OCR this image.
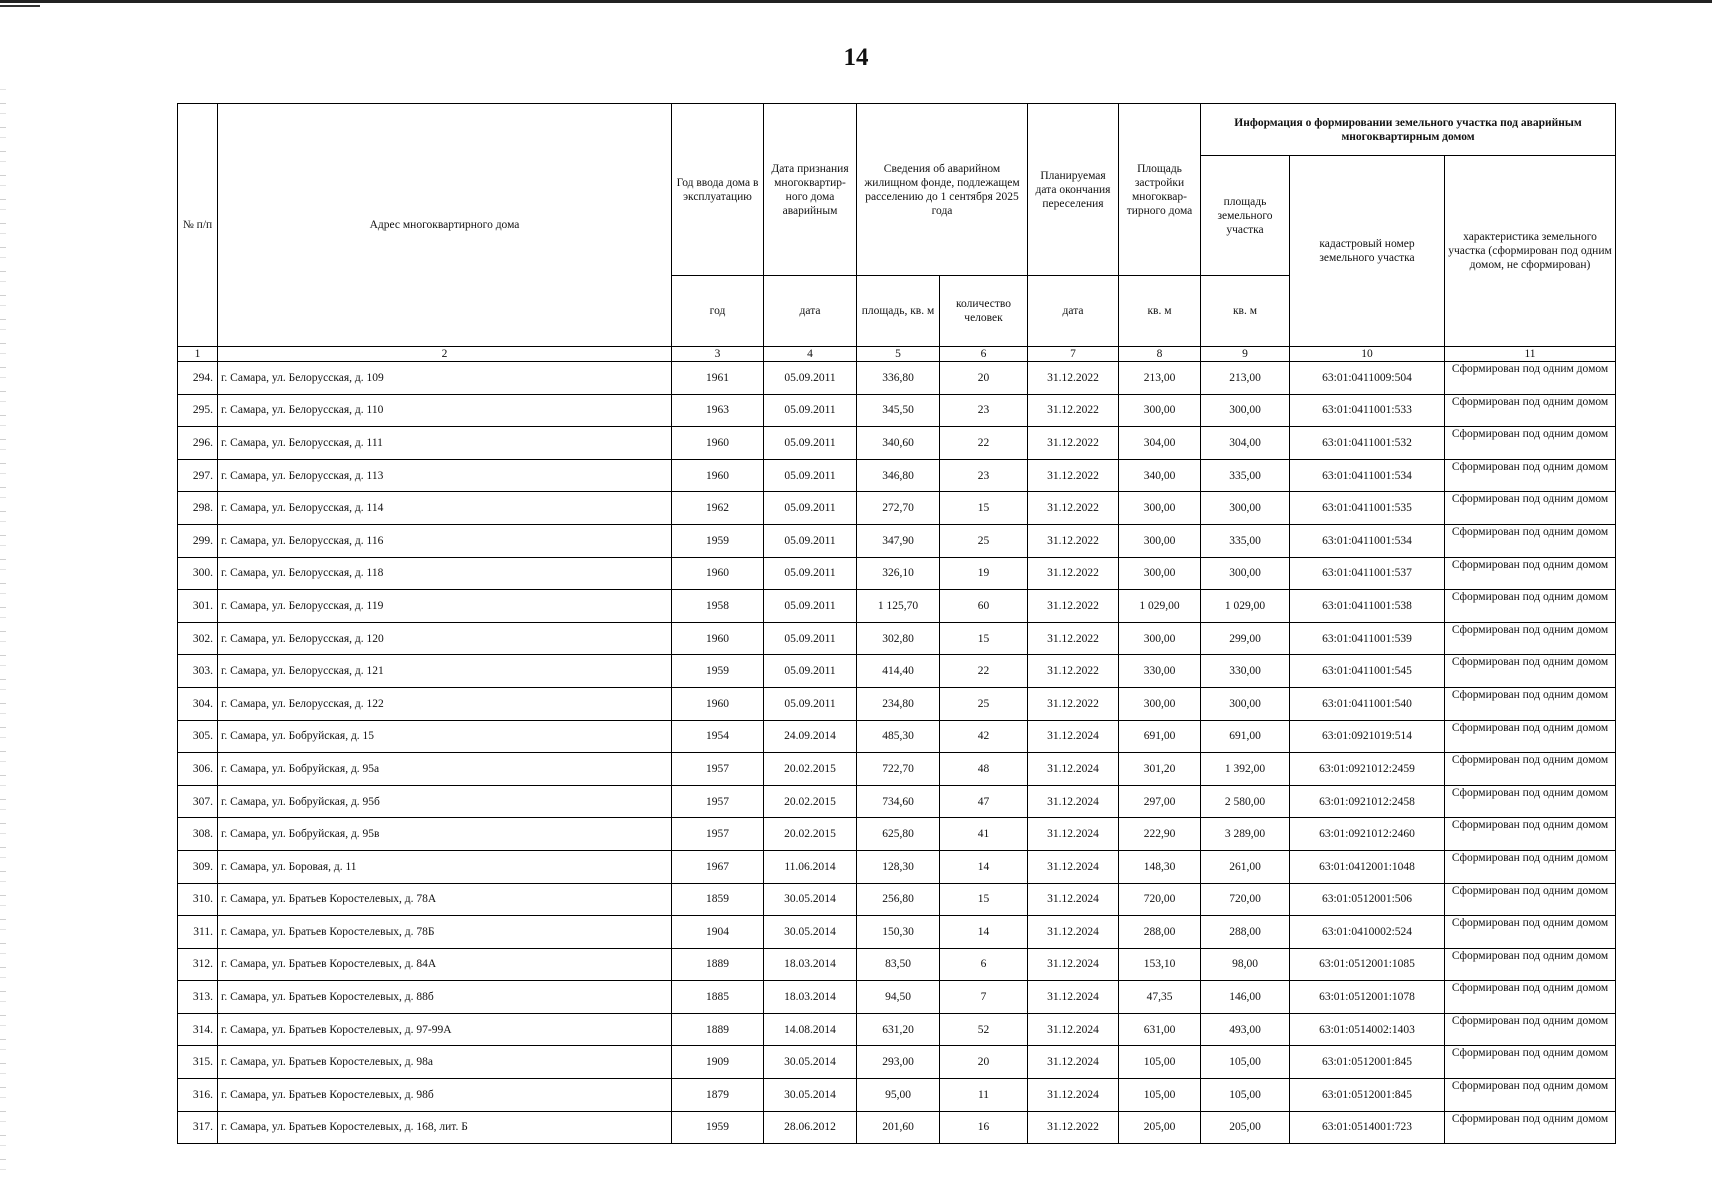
14
№ п/п	Адрес многоквартирного дома	Год ввода дома в эксплуатацию	Дата признания многоквартир-ного дома аварийным	Сведения об аварийном жилищном фонде, подлежащем расселению до 1 сентября 2025 года		Планируемая дата окончания переселения	Площадь застройки многоквар-тирного дома	Информация о формировании земельного участка под аварийным многоквартирным домом		
								площадь земельного участка	кадастровый номер земельного участка	характеристика земельного участка (сформирован под одним домом, не сформирован)
		год	дата	площадь, кв. м	количество человек	дата	кв. м	кв. м		
1	2	3	4	5	6	7	8	9	10	11
294.	г. Самара, ул. Белорусская, д. 109	1961	05.09.2011	336,80	20	31.12.2022	213,00	213,00	63:01:0411009:504	Сформирован под одним домом
295.	г. Самара, ул. Белорусская, д. 110	1963	05.09.2011	345,50	23	31.12.2022	300,00	300,00	63:01:0411001:533	Сформирован под одним домом
296.	г. Самара, ул. Белорусская, д. 111	1960	05.09.2011	340,60	22	31.12.2022	304,00	304,00	63:01:0411001:532	Сформирован под одним домом
297.	г. Самара, ул. Белорусская, д. 113	1960	05.09.2011	346,80	23	31.12.2022	340,00	335,00	63:01:0411001:534	Сформирован под одним домом
298.	г. Самара, ул. Белорусская, д. 114	1962	05.09.2011	272,70	15	31.12.2022	300,00	300,00	63:01:0411001:535	Сформирован под одним домом
299.	г. Самара, ул. Белорусская, д. 116	1959	05.09.2011	347,90	25	31.12.2022	300,00	335,00	63:01:0411001:534	Сформирован под одним домом
300.	г. Самара, ул. Белорусская, д. 118	1960	05.09.2011	326,10	19	31.12.2022	300,00	300,00	63:01:0411001:537	Сформирован под одним домом
301.	г. Самара, ул. Белорусская, д. 119	1958	05.09.2011	1 125,70	60	31.12.2022	1 029,00	1 029,00	63:01:0411001:538	Сформирован под одним домом
302.	г. Самара, ул. Белорусская, д. 120	1960	05.09.2011	302,80	15	31.12.2022	300,00	299,00	63:01:0411001:539	Сформирован под одним домом
303.	г. Самара, ул. Белорусская, д. 121	1959	05.09.2011	414,40	22	31.12.2022	330,00	330,00	63:01:0411001:545	Сформирован под одним домом
304.	г. Самара, ул. Белорусская, д. 122	1960	05.09.2011	234,80	25	31.12.2022	300,00	300,00	63:01:0411001:540	Сформирован под одним домом
305.	г. Самара, ул. Бобруйская, д. 15	1954	24.09.2014	485,30	42	31.12.2024	691,00	691,00	63:01:0921019:514	Сформирован под одним домом
306.	г. Самара, ул. Бобруйская, д. 95а	1957	20.02.2015	722,70	48	31.12.2024	301,20	1 392,00	63:01:0921012:2459	Сформирован под одним домом
307.	г. Самара, ул. Бобруйская, д. 95б	1957	20.02.2015	734,60	47	31.12.2024	297,00	2 580,00	63:01:0921012:2458	Сформирован под одним домом
308.	г. Самара, ул. Бобруйская, д. 95в	1957	20.02.2015	625,80	41	31.12.2024	222,90	3 289,00	63:01:0921012:2460	Сформирован под одним домом
309.	г. Самара, ул. Боровая, д. 11	1967	11.06.2014	128,30	14	31.12.2024	148,30	261,00	63:01:0412001:1048	Сформирован под одним домом
310.	г. Самара, ул. Братьев Коростелевых, д. 78А	1859	30.05.2014	256,80	15	31.12.2024	720,00	720,00	63:01:0512001:506	Сформирован под одним домом
311.	г. Самара, ул. Братьев Коростелевых, д. 78Б	1904	30.05.2014	150,30	14	31.12.2024	288,00	288,00	63:01:0410002:524	Сформирован под одним домом
312.	г. Самара, ул. Братьев Коростелевых, д. 84А	1889	18.03.2014	83,50	6	31.12.2024	153,10	98,00	63:01:0512001:1085	Сформирован под одним домом
313.	г. Самара, ул. Братьев Коростелевых, д. 88б	1885	18.03.2014	94,50	7	31.12.2024	47,35	146,00	63:01:0512001:1078	Сформирован под одним домом
314.	г. Самара, ул. Братьев Коростелевых, д. 97-99А	1889	14.08.2014	631,20	52	31.12.2024	631,00	493,00	63:01:0514002:1403	Сформирован под одним домом
315.	г. Самара, ул. Братьев Коростелевых, д. 98а	1909	30.05.2014	293,00	20	31.12.2024	105,00	105,00	63:01:0512001:845	Сформирован под одним домом
316.	г. Самара, ул. Братьев Коростелевых, д. 98б	1879	30.05.2014	95,00	11	31.12.2024	105,00	105,00	63:01:0512001:845	Сформирован под одним домом
317.	г. Самара, ул. Братьев Коростелевых, д. 168, лит. Б	1959	28.06.2012	201,60	16	31.12.2022	205,00	205,00	63:01:0514001:723	Сформирован под одним домом
